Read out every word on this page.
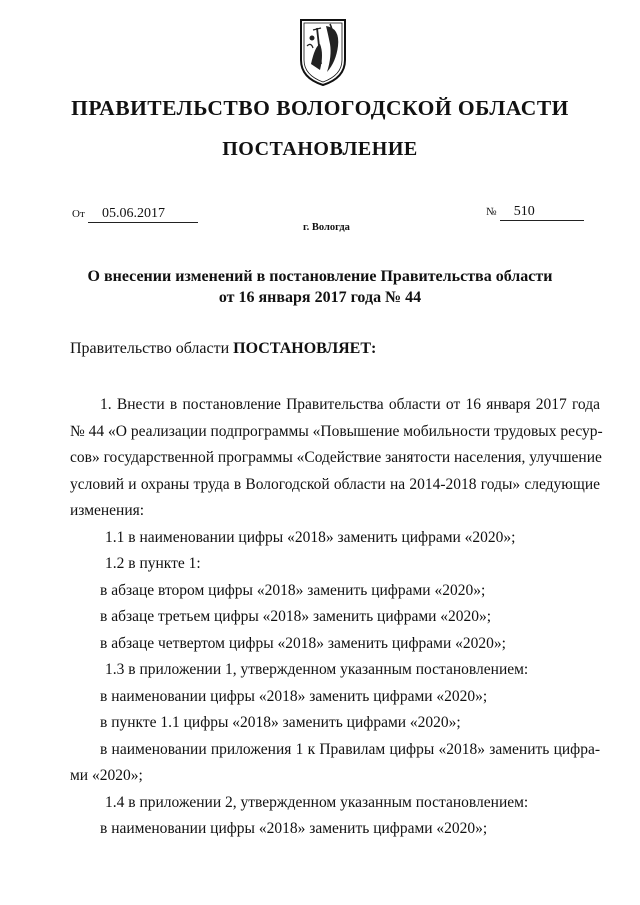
ПРАВИТЕЛЬСТВО ВОЛОГОДСКОЙ ОБЛАСТИ
ПОСТАНОВЛЕНИЕ
От 05.06.2017	№ 510
г. Вологда
О внесении изменений в постановление Правительства области
от 16 января 2017 года № 44
Правительство области ПОСТАНОВЛЯЕТ:
1. Внести в постановление Правительства области от 16 января 2017 года
№ 44 «О реализации подпрограммы «Повышение мобильности трудовых ресур-
сов» государственной программы «Содействие занятости населения, улучшение
условий и охраны труда в Вологодской области на 2014-2018 годы» следующие
изменения:
1.1 в наименовании цифры «2018» заменить цифрами «2020»;
1.2 в пункте 1:
в абзаце втором цифры «2018» заменить цифрами «2020»;
в абзаце третьем цифры «2018» заменить цифрами «2020»;
в абзаце четвертом цифры «2018» заменить цифрами «2020»;
1.3 в приложении 1, утвержденном указанным постановлением:
в наименовании цифры «2018» заменить цифрами «2020»;
в пункте 1.1 цифры «2018» заменить цифрами «2020»;
в наименовании приложения 1 к Правилам цифры «2018» заменить цифра-
ми «2020»;
1.4 в приложении 2, утвержденном указанным постановлением:
в наименовании цифры «2018» заменить цифрами «2020»;
